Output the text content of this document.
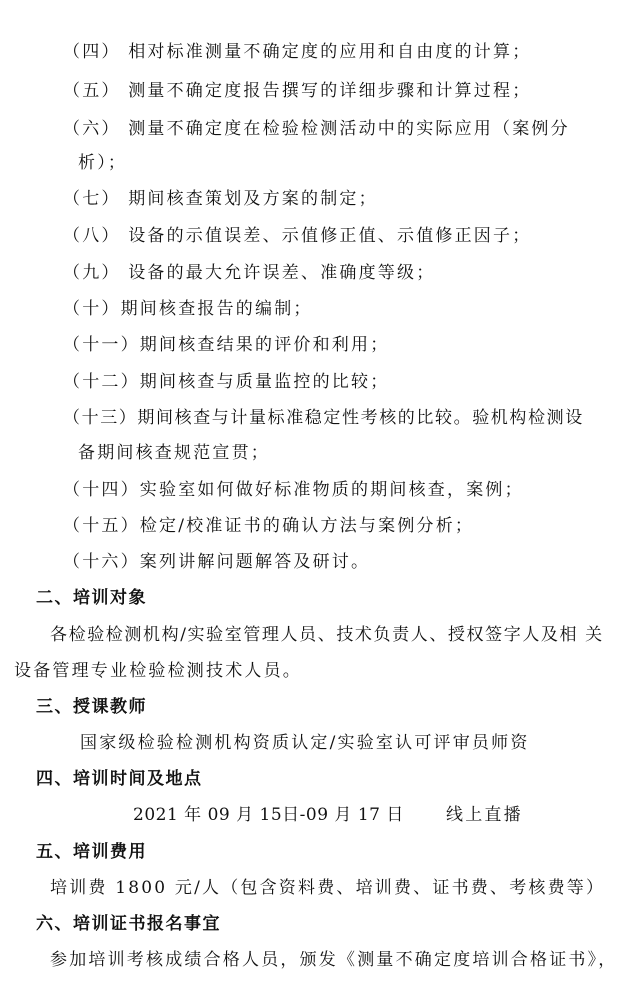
（四） 相对标准测量不确定度的应用和自由度的计算；
（五） 测量不确定度报告撰写的详细步骤和计算过程；
（六） 测量不确定度在检验检测活动中的实际应用（案例分
析）；
（七） 期间核查策划及方案的制定；
（八） 设备的示值误差、示值修正值、示值修正因子；
（九） 设备的最大允许误差、准确度等级；
（十）期间核查报告的编制；
（十一）期间核查结果的评价和利用；
（十二）期间核查与质量监控的比较；
（十三）期间核查与计量标准稳定性考核的比较。验机构检测设
备期间核查规范宣贯；
（十四）实验室如何做好标准物质的期间核查，案例；
（十五）检定/校准证书的确认方法与案例分析；
（十六）案列讲解问题解答及研讨。
二、培训对象
各检验检测机构/实验室管理人员、技术负责人、授权签字人及相 关
设备管理专业检验检测技术人员。
三、授课教师
国家级检验检测机构资质认定/实验室认可评审员师资
四、培训时间及地点
2021 年 09 月 15日-09 月 17 日 线上直播
五、培训费用
培训费 1800 元/人（包含资料费、培训费、证书费、考核费等）
六、培训证书报名事宜
参加培训考核成绩合格人员，颁发《测量不确定度培训合格证书》，
